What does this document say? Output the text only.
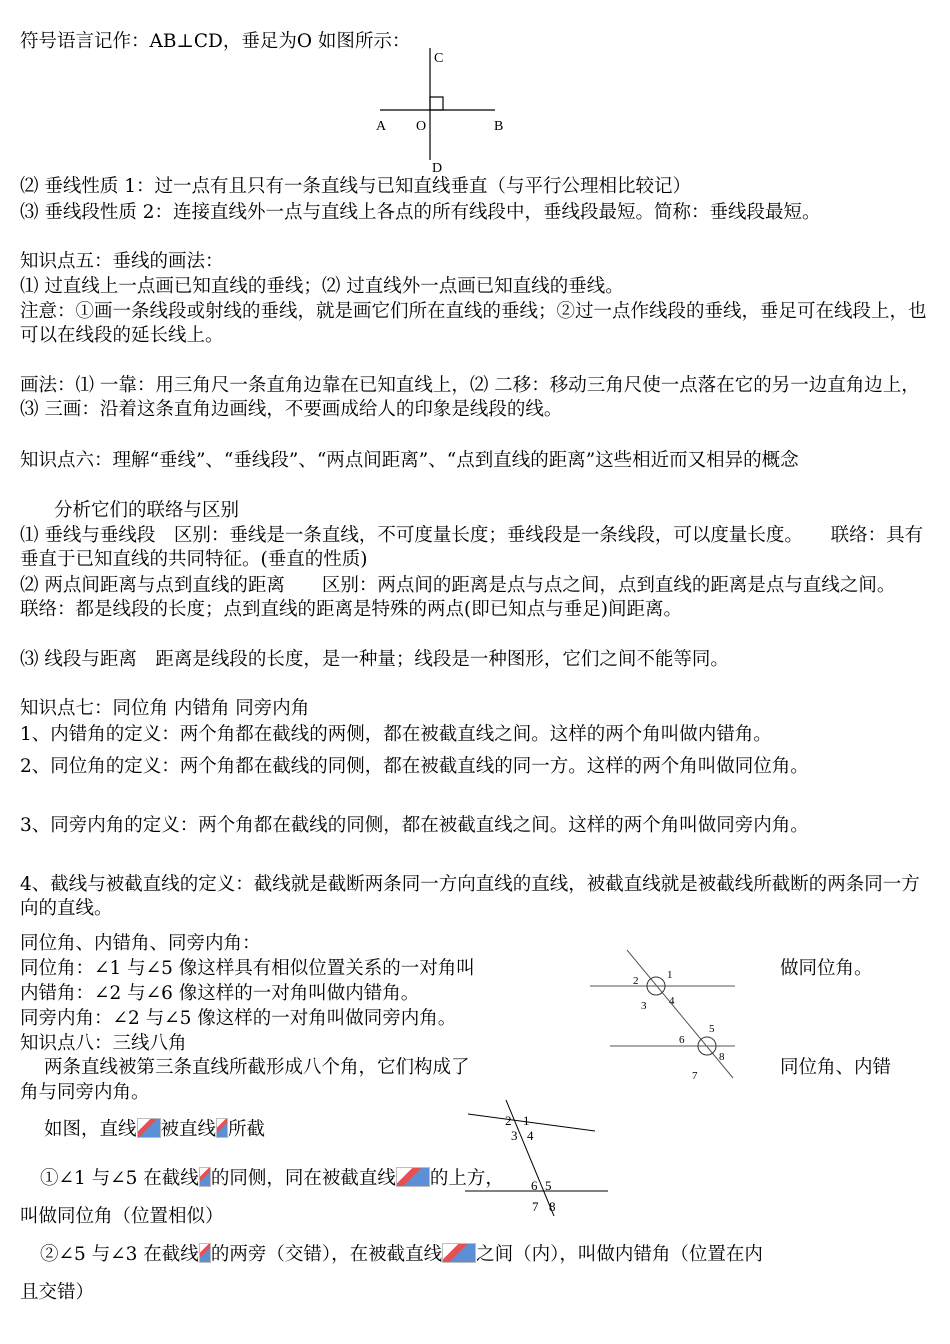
C
A O	B
D
符号语言记作：AB⊥CD，垂足为O 如图所示：
⑵ 垂线性质 1：过一点有且只有一条直线与已知直线垂直（与平行公理相比较记）
⑶ 垂线段性质 2：连接直线外一点与直线上各点的所有线段中，垂线段最短。简称：垂线段最短。
知识点五：垂线的画法：
⑴ 过直线上一点画已知直线的垂线；⑵ 过直线外一点画已知直线的垂线。
注意：①画一条线段或射线的垂线，就是画它们所在直线的垂线；②过一点作线段的垂线，垂足可在线段上，也可以在线段的延长线上。
画法：⑴ 一靠：用三角尺一条直角边靠在已知直线上，⑵ 二移：移动三角尺使一点落在它的另一边直角边上，⑶ 三画：沿着这条直角边画线，不要画成给人的印象是线段的线。
知识点六：理解“垂线”、“垂线段”、“两点间距离”、“点到直线的距离”这些相近而又相异的概念
分析它们的联络与区别
⑴ 垂线与垂线段　区别：垂线是一条直线，不可度量长度；垂线段是一条线段，可以度量长度。　　联络：具有垂直于已知直线的共同特征。(垂直的性质)
⑵ 两点间距离与点到直线的距离　　区别：两点间的距离是点与点之间，点到直线的距离是点与直线之间。　　　联络：都是线段的长度；点到直线的距离是特殊的两点(即已知点与垂足)间距离。
⑶ 线段与距离　距离是线段的长度，是一种量；线段是一种图形，它们之间不能等同。
知识点七：同位角 内错角 同旁内角
1、内错角的定义：两个角都在截线的两侧，都在被截直线之间。这样的两个角叫做内错角。
2、同位角的定义：两个角都在截线的同侧，都在被截直线的同一方。这样的两个角叫做同位角。
3、同旁内角的定义：两个角都在截线的同侧，都在被截直线之间。这样的两个角叫做同旁内角。
4、截线与被截直线的定义：截线就是截断两条同一方向直线的直线，被截直线就是被截线所截断的两条同一方向的直线。
同位角、内错角、同旁内角：
同位角：∠1 与∠5 像这样具有相似位置关系的一对角叫	做同位角。
内错角：∠2 与∠6 像这样的一对角叫做内错角。
同旁内角：∠2 与∠5 像这样的一对角叫做同旁内角。
知识点八：三线八角
两条直线被第三条直线所截形成八个角，它们构成了	同位角、内错
角与同旁内角。
2	1
3 4
6
5
8
7
2 1
3 4
6 5
7 8
如图，直线 被直线 所截
①∠1 与∠5 在截线 的同侧，同在被截直线 的上方，
叫做同位角（位置相似）
②∠5 与∠3 在截线 的两旁（交错），在被截直线 之间（内），叫做内错角（位置在内
且交错）
